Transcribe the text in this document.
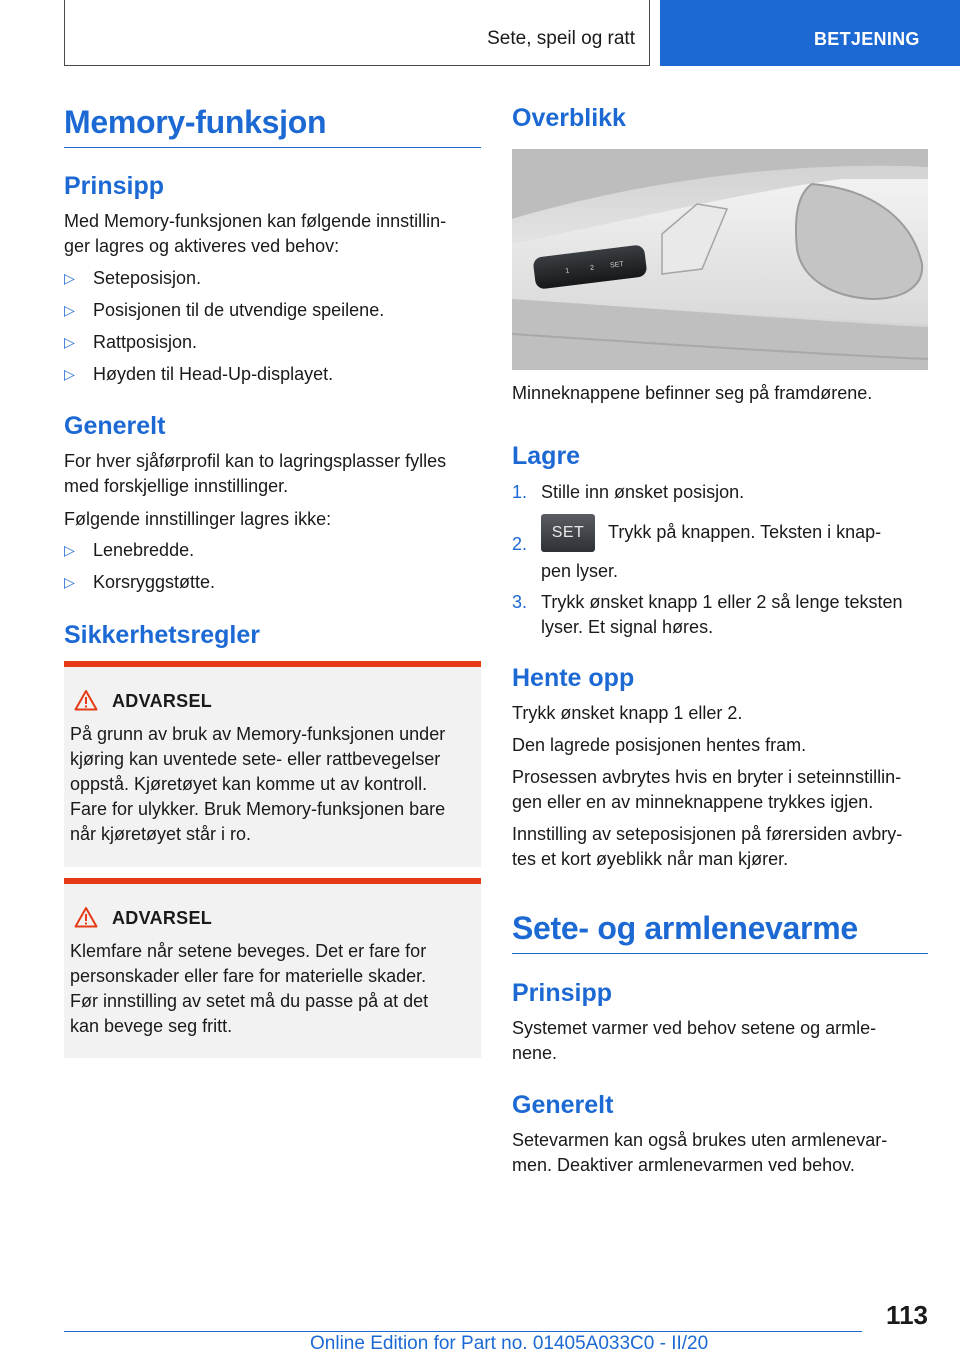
Sete, speil og ratt	BETJENING
Memory-funksjon
Prinsipp
Med Memory-funksjonen kan følgende innstillin-
ger lagres og aktiveres ved behov:
▷ Seteposisjon.
▷ Posisjonen til de utvendige speilene.
▷ Rattposisjon.
▷ Høyden til Head-Up-displayet.
Generelt
For hver sjåførprofil kan to lagringsplasser fylles
med forskjellige innstillinger.
Følgende innstillinger lagres ikke:
▷ Lenebredde.
▷ Korsryggstøtte.
Sikkerhetsregler
ADVARSEL
På grunn av bruk av Memory-funksjonen under
kjøring kan uventede sete- eller rattbevegelser
oppstå. Kjøretøyet kan komme ut av kontroll.
Fare for ulykker. Bruk Memory-funksjonen bare
når kjøretøyet står i ro.
ADVARSEL
Klemfare når setene beveges. Det er fare for
personskader eller fare for materielle skader.
Før innstilling av setet må du passe på at det
kan bevege seg fritt.
Overblikk
1	2 SET
Minneknappene befinner seg på framdørene.
Lagre
1. Stille inn ønsket posisjon.
2.
SET Trykk på knappen. Teksten i knap-
pen lyser.
3. Trykk ønsket knapp 1 eller 2 så lenge teksten
lyser. Et signal høres.
Hente opp
Trykk ønsket knapp 1 eller 2.
Den lagrede posisjonen hentes fram.
Prosessen avbrytes hvis en bryter i seteinnstillin-
gen eller en av minneknappene trykkes igjen.
Innstilling av seteposisjonen på førersiden avbry-
tes et kort øyeblikk når man kjører.
Sete- og armlenevarme
Prinsipp
Systemet varmer ved behov setene og armle-
nene.
Generelt
Setevarmen kan også brukes uten armlenevar-
men. Deaktiver armlenevarmen ved behov.
113
Online Edition for Part no. 01405A033C0 - II/20
